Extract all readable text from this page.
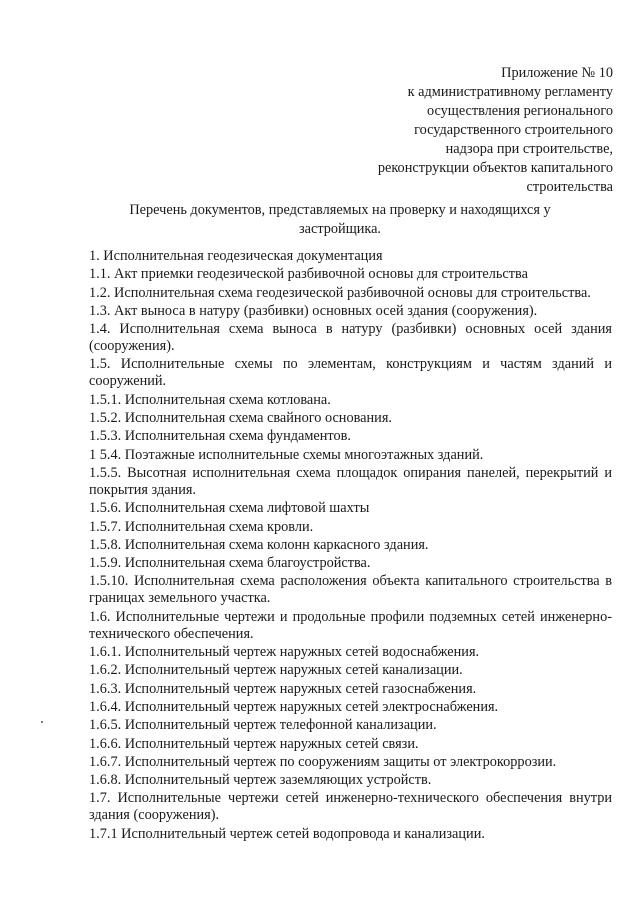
Приложение № 10
к административному регламенту
осуществления регионального
государственного строительного
надзора при строительстве,
реконструкции объектов капитального
строительства
Перечень документов, представляемых на проверку и находящихся у
застройщика.
1. Исполнительная геодезическая документация
1.1. Акт приемки геодезической разбивочной основы для строительства
1.2. Исполнительная схема геодезической разбивочной основы для строительства.
1.3. Акт выноса в натуру (разбивки) основных осей здания (сооружения).
1.4. Исполнительная схема выноса в натуру (разбивки) основных осей здания (сооружения).
1.5. Исполнительные схемы по элементам, конструкциям и частям зданий и сооружений.
1.5.1. Исполнительная схема котлована.
1.5.2. Исполнительная схема свайного основания.
1.5.3. Исполнительная схема фундаментов.
1 5.4. Поэтажные исполнительные схемы многоэтажных зданий.
1.5.5. Высотная исполнительная схема площадок опирания панелей, перекрытий и покрытия здания.
1.5.6. Исполнительная схема лифтовой шахты
1.5.7. Исполнительная схема кровли.
1.5.8. Исполнительная схема колонн каркасного здания.
1.5.9. Исполнительная схема благоустройства.
1.5.10. Исполнительная схема расположения объекта капитального строительства в границах земельного участка.
1.6. Исполнительные чертежи и продольные профили подземных сетей инженерно-технического обеспечения.
1.6.1. Исполнительный чертеж наружных сетей водоснабжения.
1.6.2. Исполнительный чертеж наружных сетей канализации.
1.6.3. Исполнительный чертеж наружных сетей газоснабжения.
1.6.4. Исполнительный чертеж наружных сетей электроснабжения.
1.6.5. Исполнительный чертеж телефонной канализации.
1.6.6. Исполнительный чертеж наружных сетей связи.
1.6.7. Исполнительный чертеж по сооружениям защиты от электрокоррозии.
1.6.8. Исполнительный чертеж заземляющих устройств.
1.7. Исполнительные чертежи сетей инженерно-технического обеспечения внутри здания (сооружения).
1.7.1 Исполнительный чертеж сетей водопровода и канализации.
